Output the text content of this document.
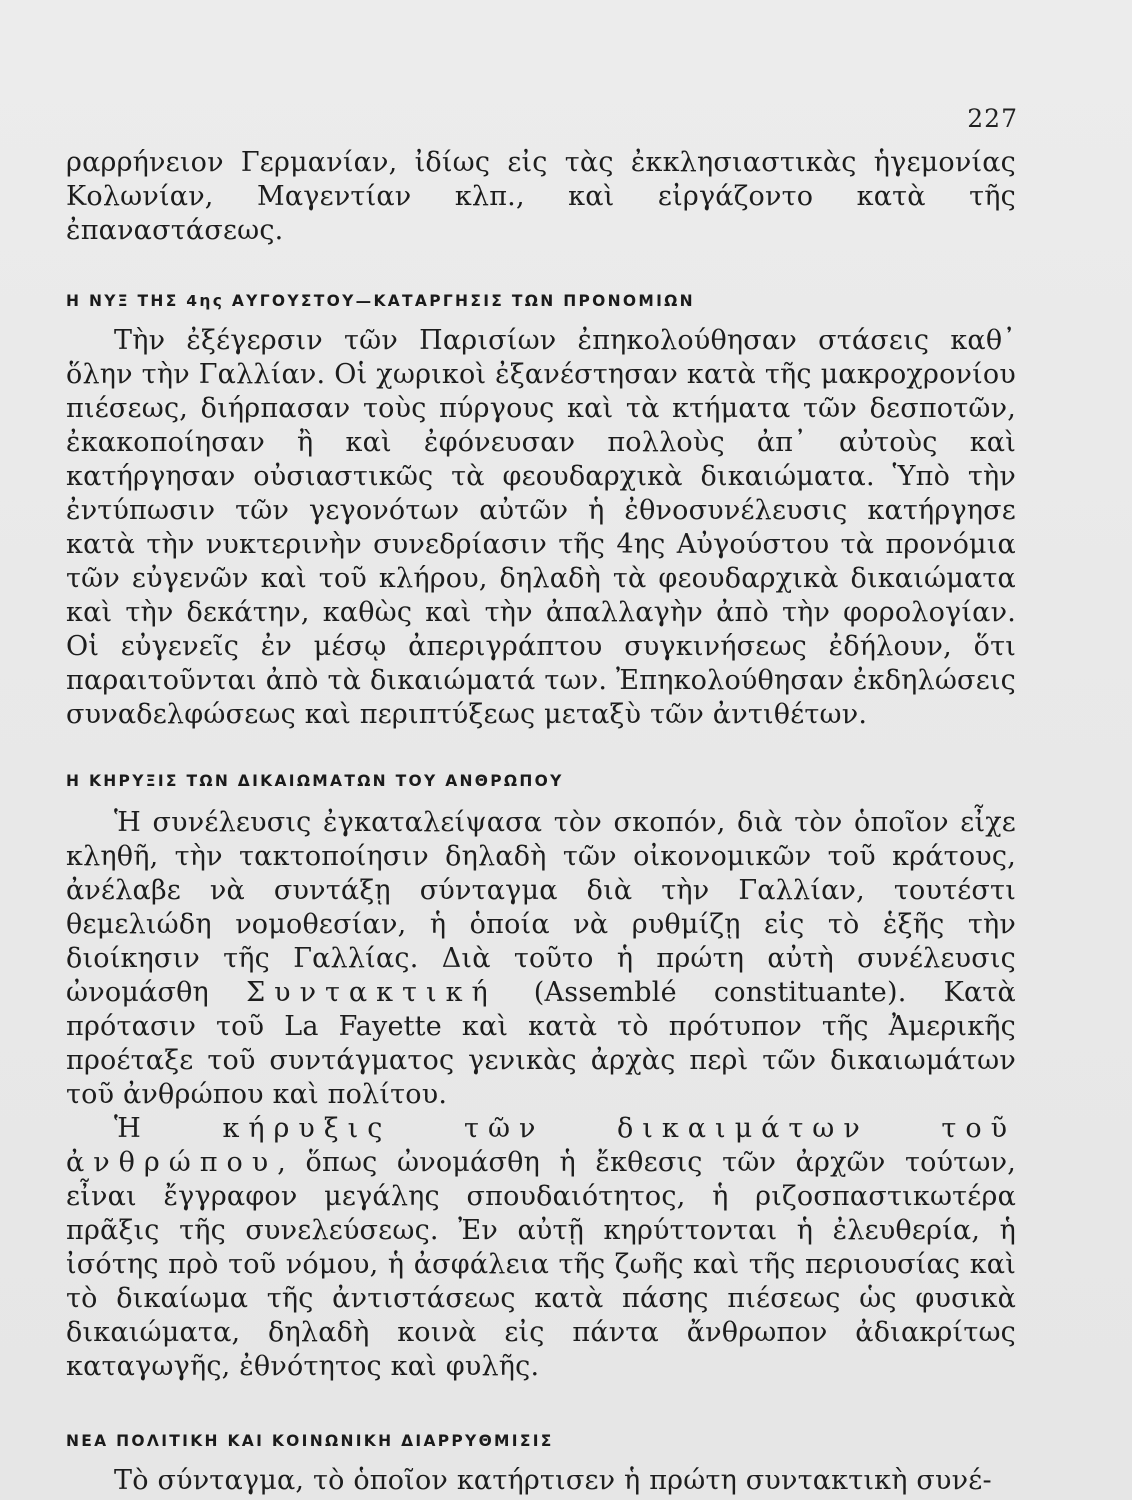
227

ραρρήνειον Γερμανίαν, ἰδίως εἰς τὰς ἐκκλησιαστικὰς ἡγεμονίας Κολωνίαν, Μαγεντίαν κλπ., καὶ εἰργάζοντο κατὰ τῆς ἐπαναστάσεως.

Η ΝΥΞ ΤΗΣ 4ης ΑΥΓΟΥΣΤΟΥ—ΚΑΤΑΡΓΗΣΙΣ ΤΩΝ ΠΡΟΝΟΜΙΩΝ

Τὴν ἐξέγερσιν τῶν Παρισίων ἐπηκολούθησαν στάσεις καθ᾿ ὅλην τὴν Γαλλίαν. Οἱ χωρικοὶ ἐξανέστησαν κατὰ τῆς μακροχρονίου πιέσεως, διήρπασαν τοὺς πύργους καὶ τὰ κτήματα τῶν δεσποτῶν, ἐκακοποίησαν ἢ καὶ ἐφόνευσαν πολλοὺς ἀπ᾿ αὐτοὺς καὶ κατήργησαν οὐσιαστικῶς τὰ φεουδαρχικὰ δικαιώματα. Ὑπὸ τὴν ἐντύπωσιν τῶν γεγονότων αὐτῶν ἡ ἐθνοσυνέλευσις κατήργησε κατὰ τὴν νυκτερινὴν συνεδρίασιν τῆς 4ης Αὐγούστου τὰ προνόμια τῶν εὐγενῶν καὶ τοῦ κλήρου, δηλαδὴ τὰ φεουδαρχικὰ δικαιώματα καὶ τὴν δεκάτην, καθὼς καὶ τὴν ἀπαλλαγὴν ἀπὸ τὴν φορολογίαν. Οἱ εὐγενεῖς ἐν μέσῳ ἀπεριγράπτου συγκινήσεως ἐδήλουν, ὅτι παραιτοῦνται ἀπὸ τὰ δικαιώματά των. Ἐπηκολούθησαν ἐκδηλώσεις συναδελφώσεως καὶ περιπτύξεως μεταξὺ τῶν ἀντιθέτων.

Η ΚΗΡΥΞΙΣ ΤΩΝ ΔΙΚΑΙΩΜΑΤΩΝ ΤΟΥ ΑΝΘΡΩΠΟΥ

Ἡ συνέλευσις ἐγκαταλείψασα τὸν σκοπόν, διὰ τὸν ὁποῖον εἶχε κληθῆ, τὴν τακτοποίησιν δηλαδὴ τῶν οἰκονομικῶν τοῦ κράτους, ἀνέλαβε νὰ συντάξῃ σύνταγμα διὰ τὴν Γαλλίαν, τουτέστι θεμελιώδη νομοθεσίαν, ἡ ὁποία νὰ ρυθμίζῃ εἰς τὸ ἑξῆς τὴν διοίκησιν τῆς Γαλλίας. Διὰ τοῦτο ἡ πρώτη αὐτὴ συνέλευσις ὠνομάσθη Συντακτική (Assemblé constituante). Κατὰ πρότασιν τοῦ La Fayette καὶ κατὰ τὸ πρότυπον τῆς Ἀμερικῆς προέταξε τοῦ συντάγματος γενικὰς ἀρχὰς περὶ τῶν δικαιωμάτων τοῦ ἀνθρώπου καὶ πολίτου.

Ἡ κήρυξις τῶν δικαιμάτων τοῦ ἀνθρώπου, ὅπως ὠνομάσθη ἡ ἔκθεσις τῶν ἀρχῶν τούτων, εἶναι ἔγγραφον μεγάλης σπουδαιότητος, ἡ ριζοσπαστικωτέρα πρᾶξις τῆς συνελεύσεως. Ἐν αὐτῇ κηρύττονται ἡ ἐλευθερία, ἡ ἰσότης πρὸ τοῦ νόμου, ἡ ἀσφάλεια τῆς ζωῆς καὶ τῆς περιουσίας καὶ τὸ δικαίωμα τῆς ἀντιστάσεως κατὰ πάσης πιέσεως ὡς φυσικὰ δικαιώματα, δηλαδὴ κοινὰ εἰς πάντα ἄνθρωπον ἀδιακρίτως καταγωγῆς, ἐθνότητος καὶ φυλῆς.

ΝΕΑ ΠΟΛΙΤΙΚΗ ΚΑΙ ΚΟΙΝΩΝΙΚΗ ΔΙΑΡΡΥΘΜΙΣΙΣ

Τὸ σύνταγμα, τὸ ὁποῖον κατήρτισεν ἡ πρώτη συντακτικὴ συνέ-
